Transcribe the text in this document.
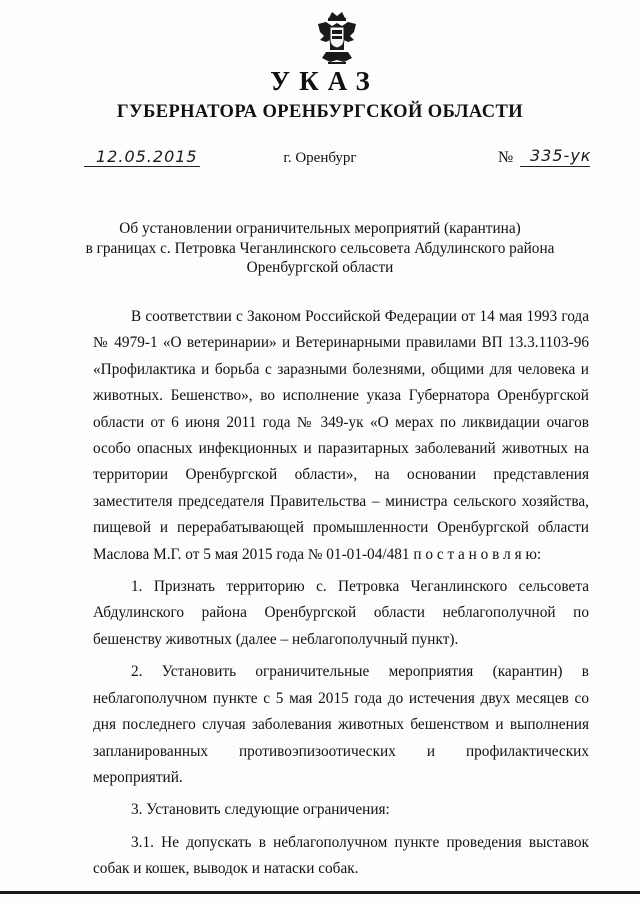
УКАЗ
ГУБЕРНАТОРА ОРЕНБУРГСКОЙ ОБЛАСТИ
12.05.2015	г. Оренбург	№ 335-ук
Об установлении ограничительных мероприятий (карантина)
в границах с. Петровка Чеганлинского сельсовета Абдулинского района
Оренбургской области

В соответствии с Законом Российской Федерации от 14 мая 1993 года № 4979-1 «О ветеринарии» и Ветеринарными правилами ВП 13.3.1103-96 «Профилактика и борьба с заразными болезнями, общими для человека и животных. Бешенство», во исполнение указа Губернатора Оренбургской области от 6 июня 2011 года № 349-ук «О мерах по ликвидации очагов особо опасных инфекционных и паразитарных заболеваний животных на территории Оренбургской области», на основании представления заместителя председателя Правительства – министра сельского хозяйства, пищевой и перерабатывающей промышленности Оренбургской области Маслова М.Г. от 5 мая 2015 года № 01-01-04/481 п о с т а н о в л я ю:

1. Признать территорию с. Петровка Чеганлинского сельсовета Абдулинского района Оренбургской области неблагополучной по бешенству животных (далее – неблагополучный пункт).

2. Установить ограничительные мероприятия (карантин) в неблагополучном пункте с 5 мая 2015 года до истечения двух месяцев со дня последнего случая заболевания животных бешенством и выполнения запланированных противоэпизоотических и профилактических мероприятий.

3. Установить следующие ограничения:

3.1. Не допускать в неблагополучном пункте проведения выставок собак и кошек, выводок и натаски собак.
